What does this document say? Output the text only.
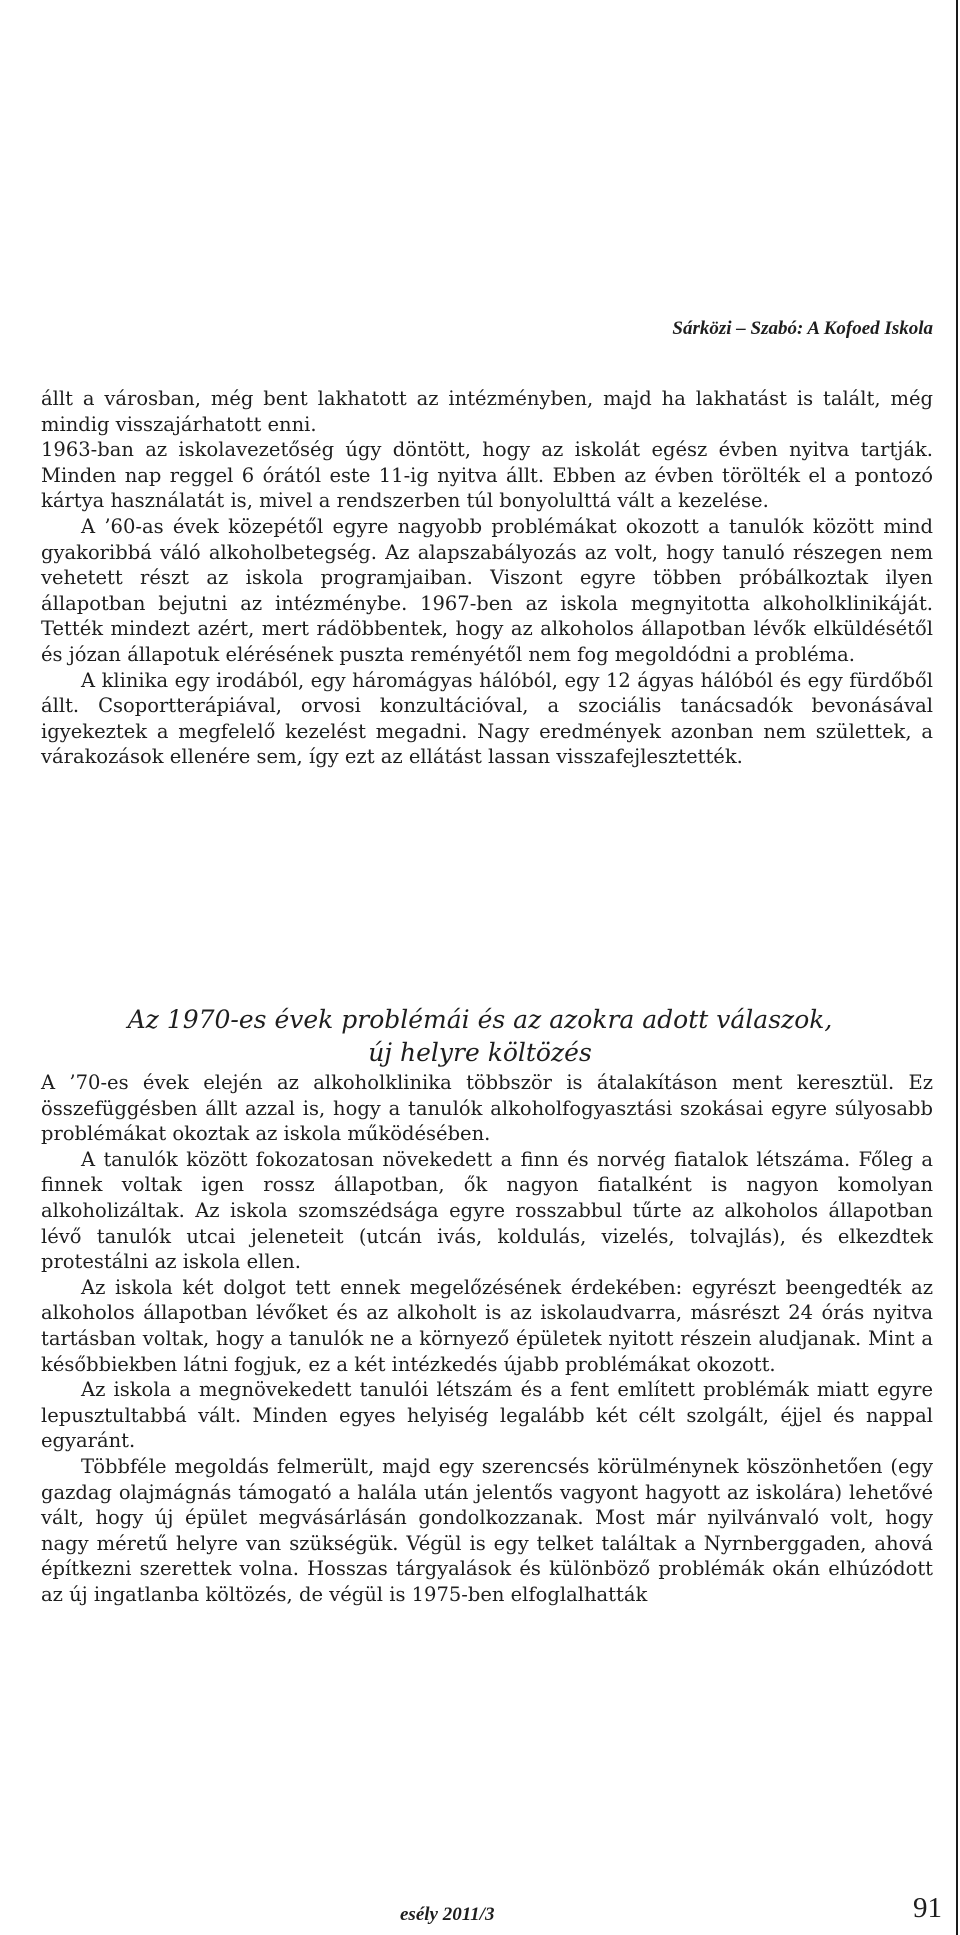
Sárközi – Szabó: A Kofoed Iskola

állt a városban, még bent lakhatott az intézményben, majd ha lakhatást is talált, még mindig visszajárhatott enni.

1963-ban az iskolavezetőség úgy döntött, hogy az iskolát egész évben nyitva tartják. Minden nap reggel 6 órától este 11-ig nyitva állt. Ebben az évben törölték el a pontozó kártya használatát is, mivel a rendszerben túl bonyolulttá vált a kezelése.

A ’60-as évek közepétől egyre nagyobb problémákat okozott a tanulók között mind gyakoribbá váló alkoholbetegség. Az alapszabályozás az volt, hogy tanuló részegen nem vehetett részt az iskola programjaiban. Viszont egyre többen próbálkoztak ilyen állapotban bejutni az intézménybe. 1967-ben az iskola megnyitotta alkoholklinikáját. Tették mindezt azért, mert rádöbbentek, hogy az alkoholos állapotban lévők elküldésétől és józan állapotuk elérésének puszta reményétől nem fog megoldódni a probléma.

A klinika egy irodából, egy háromágyas hálóból, egy 12 ágyas hálóból és egy fürdőből állt. Csoportterápiával, orvosi konzultációval, a szociális tanácsadók bevonásával igyekeztek a megfelelő kezelést megadni. Nagy eredmények azonban nem születtek, a várakozások ellenére sem, így ezt az ellátást lassan visszafejlesztették.

Az 1970-es évek problémái és az azokra adott válaszok,
új helyre költözés

A ’70-es évek elején az alkoholklinika többször is átalakításon ment keresztül. Ez összefüggésben állt azzal is, hogy a tanulók alkoholfogyasztási szokásai egyre súlyosabb problémákat okoztak az iskola működésében.

A tanulók között fokozatosan növekedett a finn és norvég fiatalok létszáma. Főleg a finnek voltak igen rossz állapotban, ők nagyon fiatalként is nagyon komolyan alkoholizáltak. Az iskola szomszédsága egyre rosszabbul tűrte az alkoholos állapotban lévő tanulók utcai jeleneteit (utcán ivás, koldulás, vizelés, tolvajlás), és elkezdtek protestálni az iskola ellen.

Az iskola két dolgot tett ennek megelőzésének érdekében: egyrészt beengedték az alkoholos állapotban lévőket és az alkoholt is az iskolaudvarra, másrészt 24 órás nyitva tartásban voltak, hogy a tanulók ne a környező épületek nyitott részein aludjanak. Mint a későbbiekben látni fogjuk, ez a két intézkedés újabb problémákat okozott.

Az iskola a megnövekedett tanulói létszám és a fent említett problémák miatt egyre lepusztultabbá vált. Minden egyes helyiség legalább két célt szolgált, éjjel és nappal egyaránt.

Többféle megoldás felmerült, majd egy szerencsés körülménynek köszönhetően (egy gazdag olajmágnás támogató a halála után jelentős vagyont hagyott az iskolára) lehetővé vált, hogy új épület megvásárlásán gondolkozzanak. Most már nyilvánvaló volt, hogy nagy méretű helyre van szükségük. Végül is egy telket találtak a Nyrnberggaden, ahová építkezni szerettek volna. Hosszas tárgyalások és különböző problémák okán elhúzódott az új ingatlanba költözés, de végül is 1975-ben elfoglalhatták

esély 2011/3	91
